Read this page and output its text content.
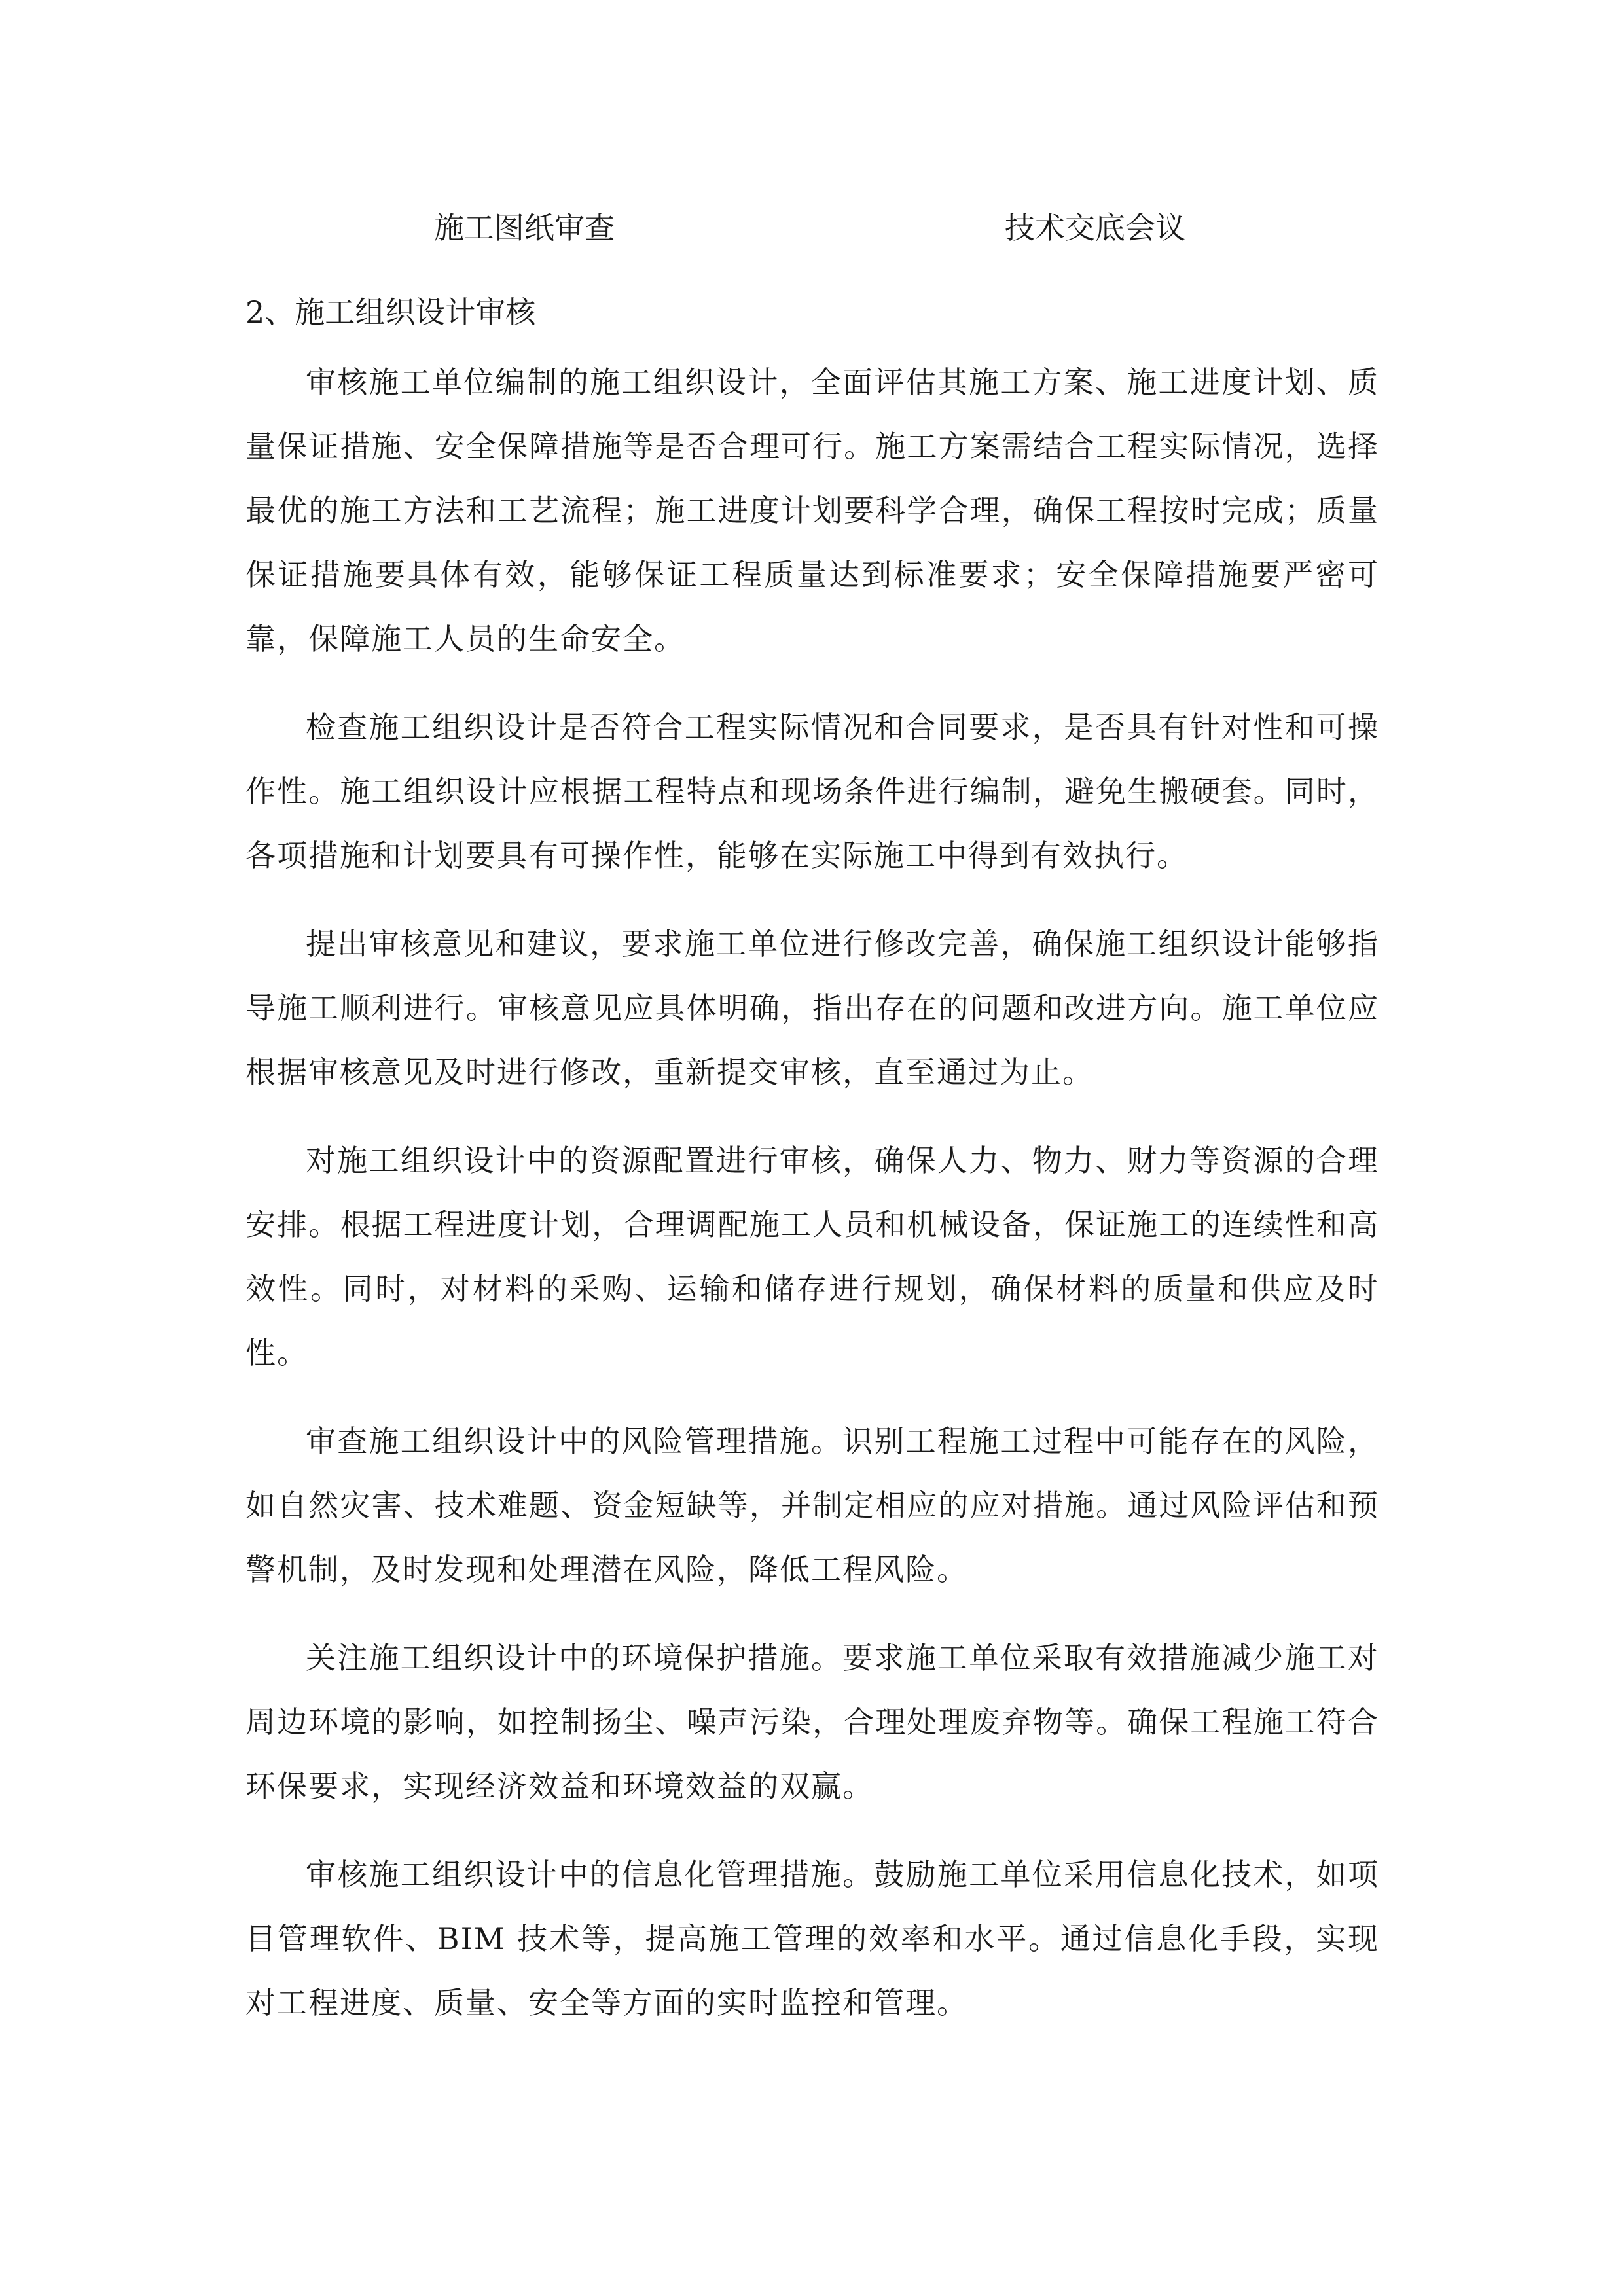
施工图纸审查	技术交底会议
2、施工组织设计审核

审核施工单位编制的施工组织设计，全面评估其施工方案、施工进度计划、质量保证措施、安全保障措施等是否合理可行。施工方案需结合工程实际情况，选择最优的施工方法和工艺流程；施工进度计划要科学合理，确保工程按时完成；质量保证措施要具体有效，能够保证工程质量达到标准要求；安全保障措施要严密可靠，保障施工人员的生命安全。

检查施工组织设计是否符合工程实际情况和合同要求，是否具有针对性和可操作性。施工组织设计应根据工程特点和现场条件进行编制，避免生搬硬套。同时，各项措施和计划要具有可操作性，能够在实际施工中得到有效执行。

提出审核意见和建议，要求施工单位进行修改完善，确保施工组织设计能够指导施工顺利进行。审核意见应具体明确，指出存在的问题和改进方向。施工单位应根据审核意见及时进行修改，重新提交审核，直至通过为止。

对施工组织设计中的资源配置进行审核，确保人力、物力、财力等资源的合理安排。根据工程进度计划，合理调配施工人员和机械设备，保证施工的连续性和高效性。同时，对材料的采购、运输和储存进行规划，确保材料的质量和供应及时性。

审查施工组织设计中的风险管理措施。识别工程施工过程中可能存在的风险，如自然灾害、技术难题、资金短缺等，并制定相应的应对措施。通过风险评估和预警机制，及时发现和处理潜在风险，降低工程风险。

关注施工组织设计中的环境保护措施。要求施工单位采取有效措施减少施工对周边环境的影响，如控制扬尘、噪声污染，合理处理废弃物等。确保工程施工符合环保要求，实现经济效益和环境效益的双赢。

审核施工组织设计中的信息化管理措施。鼓励施工单位采用信息化技术，如项目管理软件、BIM 技术等，提高施工管理的效率和水平。通过信息化手段，实现对工程进度、质量、安全等方面的实时监控和管理。
